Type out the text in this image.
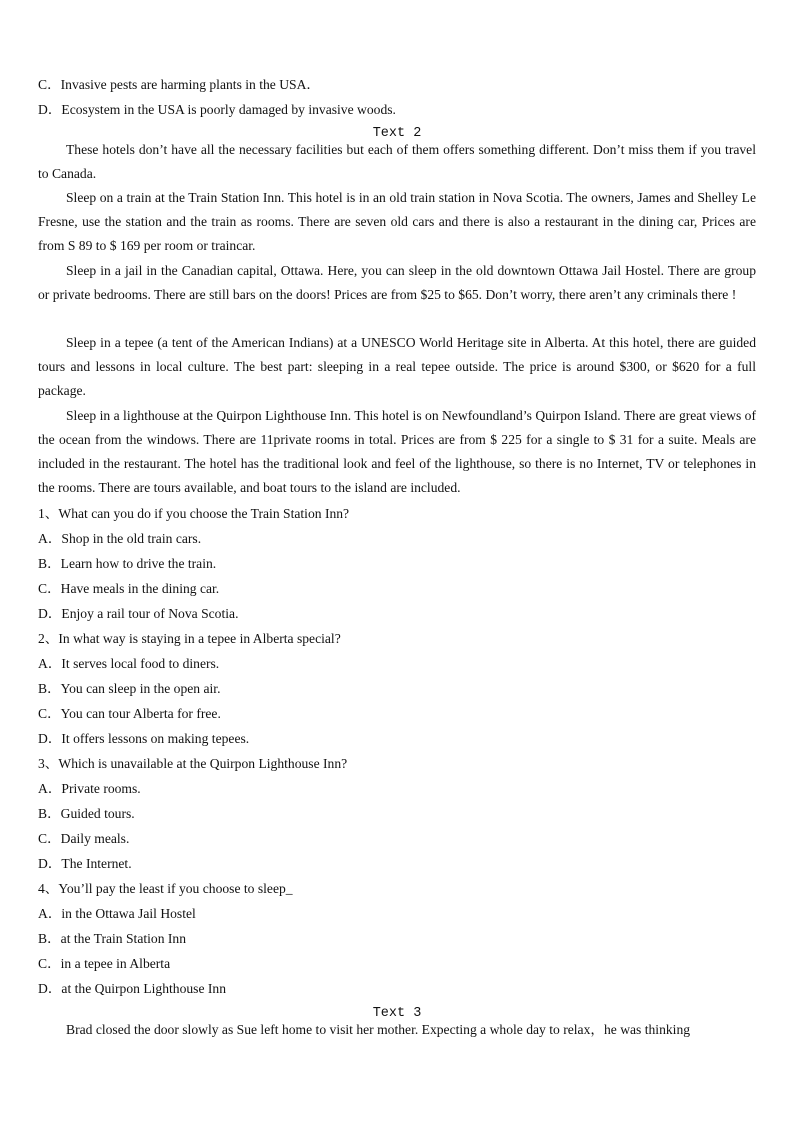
C．Invasive pests are harming plants in the USA．
D．Ecosystem in the USA is poorly damaged by invasive woods.
Text 2
These hotels don’t have all the necessary facilities but each of them offers something different. Don’t miss them if you travel to Canada.
Sleep on a train at the Train Station Inn. This hotel is in an old train station in Nova Scotia. The owners, James and Shelley Le Fresne, use the station and the train as rooms. There are seven old cars and there is also a restaurant in the dining car, Prices are from S 89 to $ 169 per room or traincar.
Sleep in a jail in the Canadian capital, Ottawa. Here, you can sleep in the old downtown Ottawa Jail Hostel. There are group or private bedrooms. There are still bars on the doors! Prices are from $25 to $65. Don’t worry, there aren’t any criminals there !
Sleep in a tepee (a tent of the American Indians) at a UNESCO World Heritage site in Alberta. At this hotel, there are guided tours and lessons in local culture. The best part: sleeping in a real tepee outside. The price is around $300, or $620 for a full package.
Sleep in a lighthouse at the Quirpon Lighthouse Inn. This hotel is on Newfoundland’s Quirpon Island. There are great views of the ocean from the windows. There are 11private rooms in total. Prices are from $ 225 for a single to $ 31 for a suite. Meals are included in the restaurant. The hotel has the traditional look and feel of the lighthouse, so there is no Internet, TV or telephones in the rooms. There are tours available, and boat tours to the island are included.
1、What can you do if you choose the Train Station Inn?
A．Shop in the old train cars.
B．Learn how to drive the train.
C．Have meals in the dining car.
D．Enjoy a rail tour of Nova Scotia.
2、In what way is staying in a tepee in Alberta special?
A．It serves local food to diners.
B．You can sleep in the open air.
C．You can tour Alberta for free.
D．It offers lessons on making tepees.
3、Which is unavailable at the Quirpon Lighthouse Inn?
A．Private rooms.
B．Guided tours.
C．Daily meals.
D．The Internet.
4、You’ll pay the least if you choose to sleep_
A．in the Ottawa Jail Hostel
B．at the Train Station Inn
C．in a tepee in Alberta
D．at the Quirpon Lighthouse Inn
Text 3
Brad closed the door slowly as Sue left home to visit her mother. Expecting a whole day to relax，he was thinking
